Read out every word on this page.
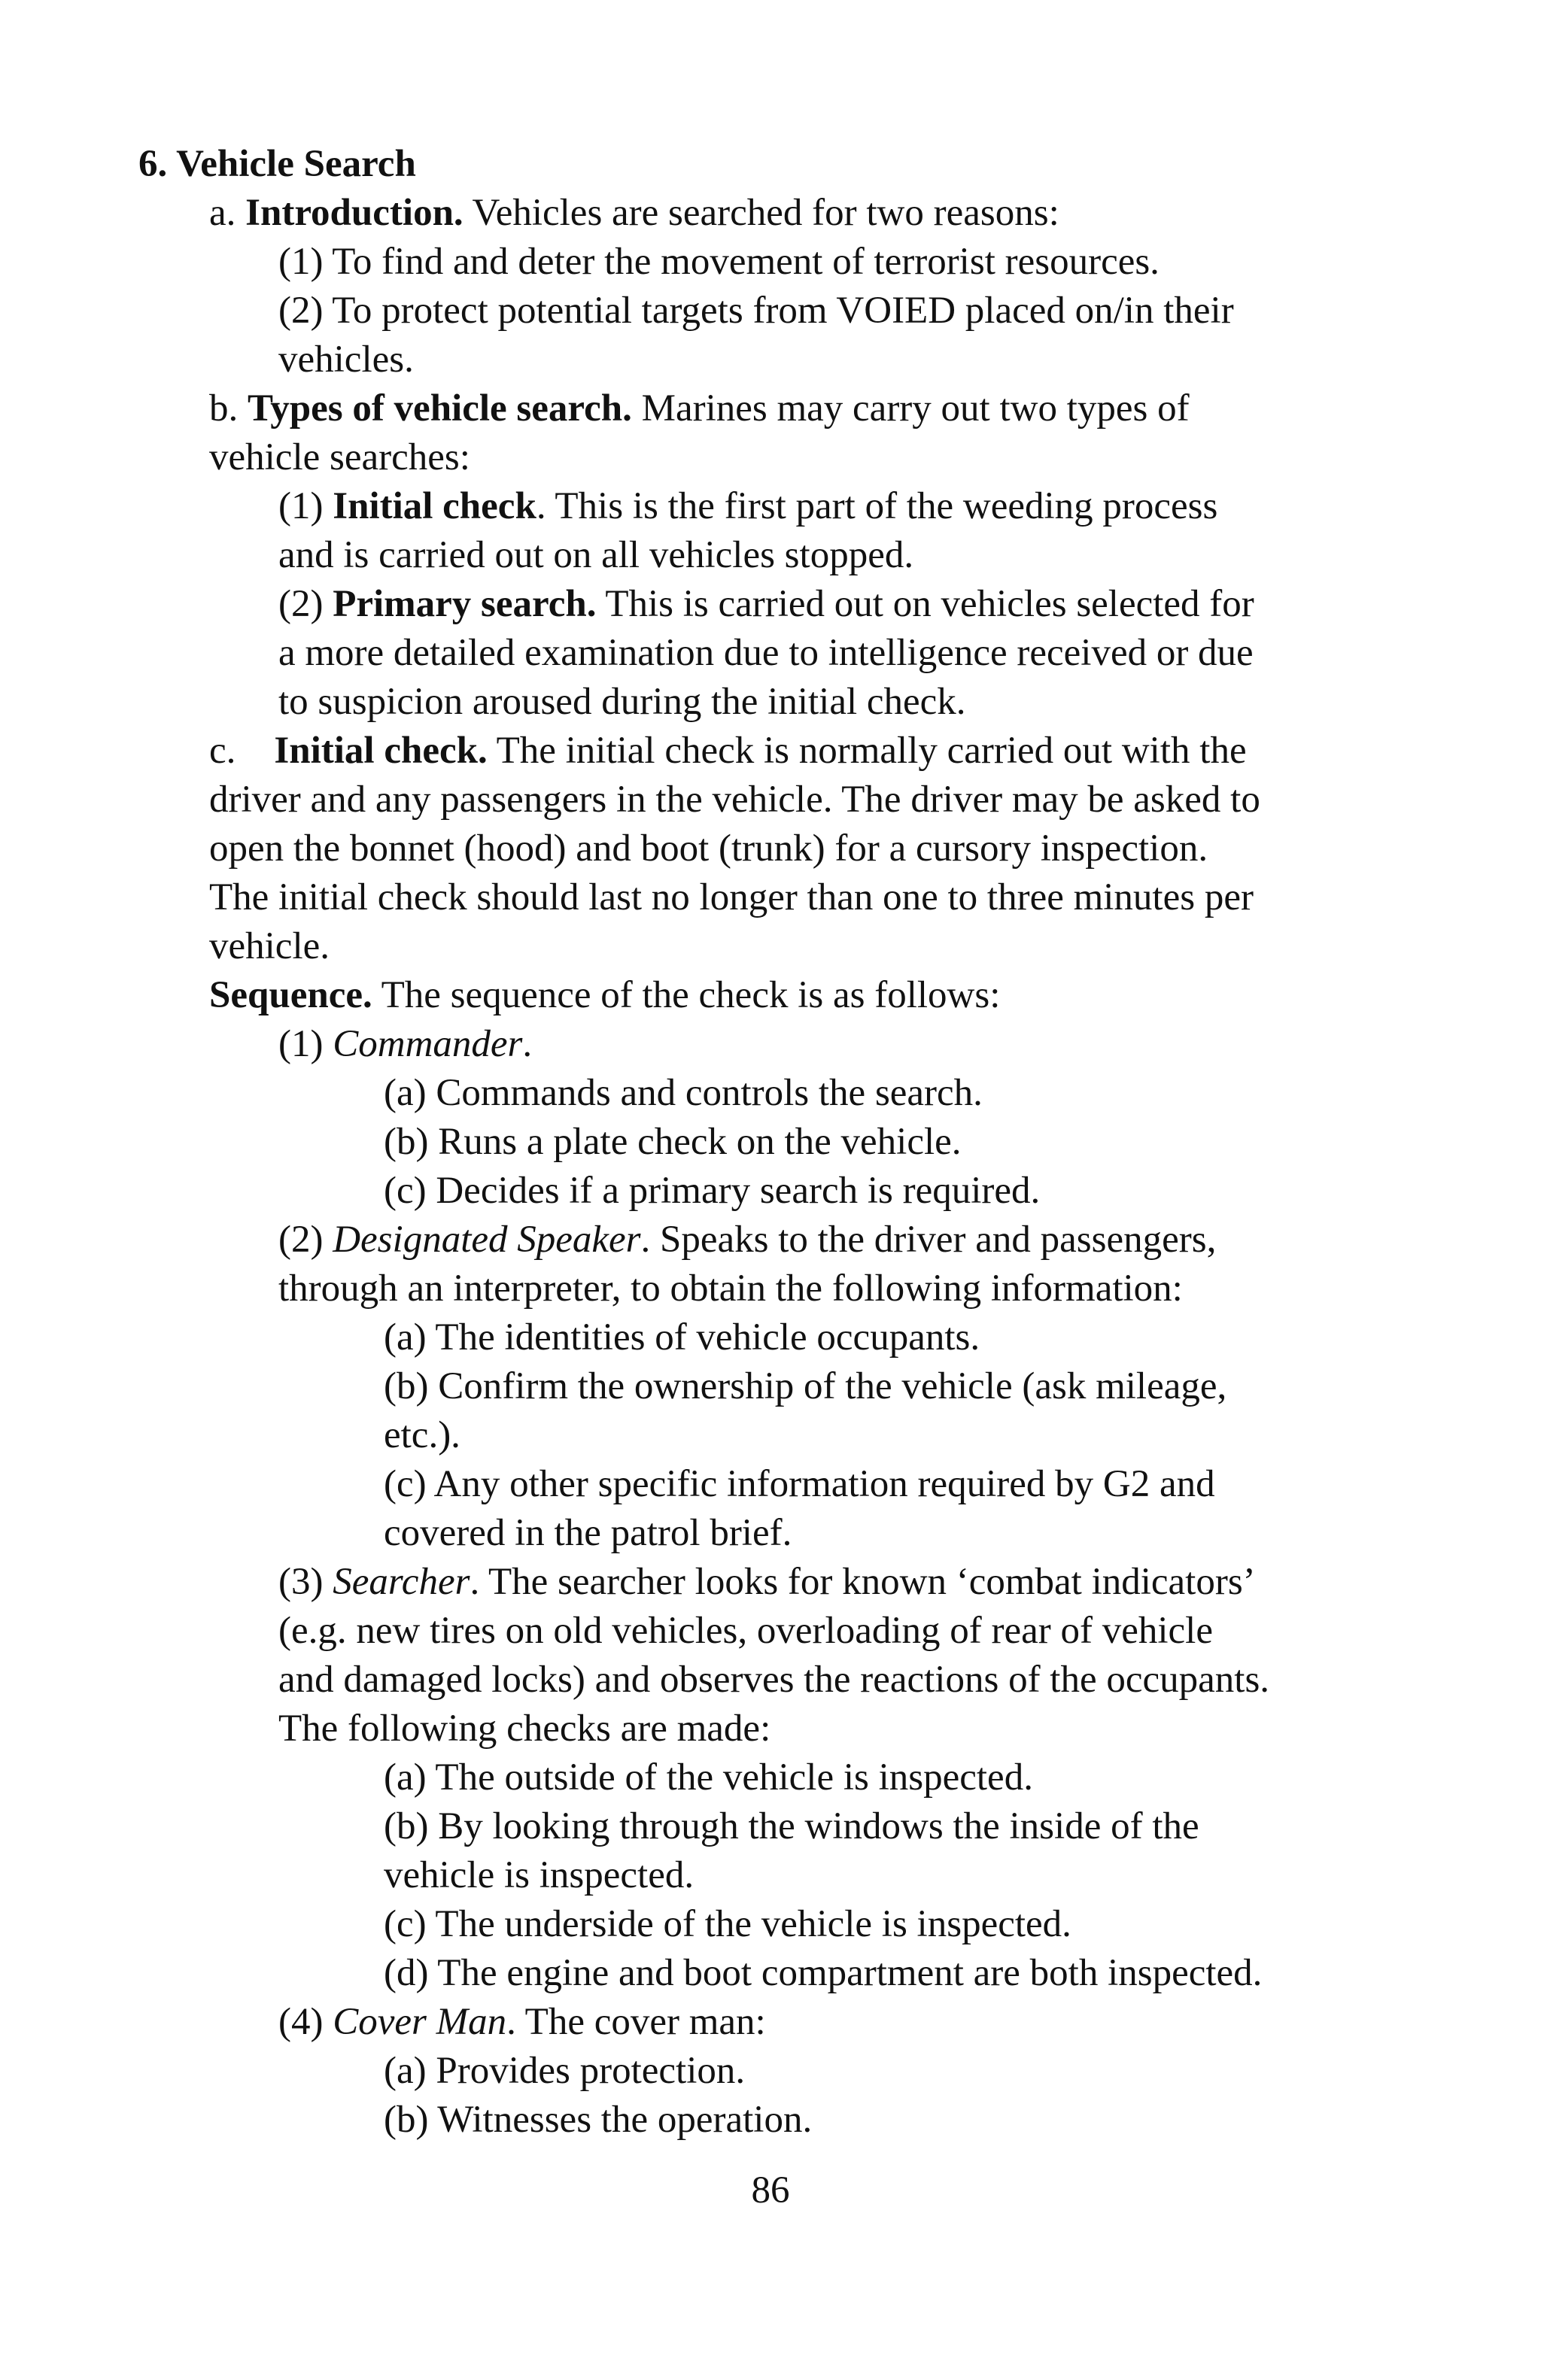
6. Vehicle Search
a. Introduction. Vehicles are searched for two reasons:
(1) To find and deter the movement of terrorist resources.
(2) To protect potential targets from VOIED placed on/in their
vehicles.
b. Types of vehicle search. Marines may carry out two types of
vehicle searches:
(1) Initial check. This is the first part of the weeding process
and is carried out on all vehicles stopped.
(2) Primary search. This is carried out on vehicles selected for
a more detailed examination due to intelligence received or due
to suspicion aroused during the initial check.
c.    Initial check. The initial check is normally carried out with the
driver and any passengers in the vehicle. The driver may be asked to
open the bonnet (hood) and boot (trunk) for a cursory inspection.
The initial check should last no longer than one to three minutes per
vehicle.
Sequence. The sequence of the check is as follows:
(1) Commander.
(a) Commands and controls the search.
(b) Runs a plate check on the vehicle.
(c) Decides if a primary search is required.
(2) Designated Speaker. Speaks to the driver and passengers,
through an interpreter, to obtain the following information:
(a) The identities of vehicle occupants.
(b) Confirm the ownership of the vehicle (ask mileage,
etc.).
(c) Any other specific information required by G2 and
covered in the patrol brief.
(3) Searcher. The searcher looks for known ‘combat indicators’
(e.g. new tires on old vehicles, overloading of rear of vehicle
and damaged locks) and observes the reactions of the occupants.
The following checks are made:
(a) The outside of the vehicle is inspected.
(b) By looking through the windows the inside of the
vehicle is inspected.
(c) The underside of the vehicle is inspected.
(d) The engine and boot compartment are both inspected.
(4) Cover Man. The cover man:
(a) Provides protection.
(b) Witnesses the operation.
86
